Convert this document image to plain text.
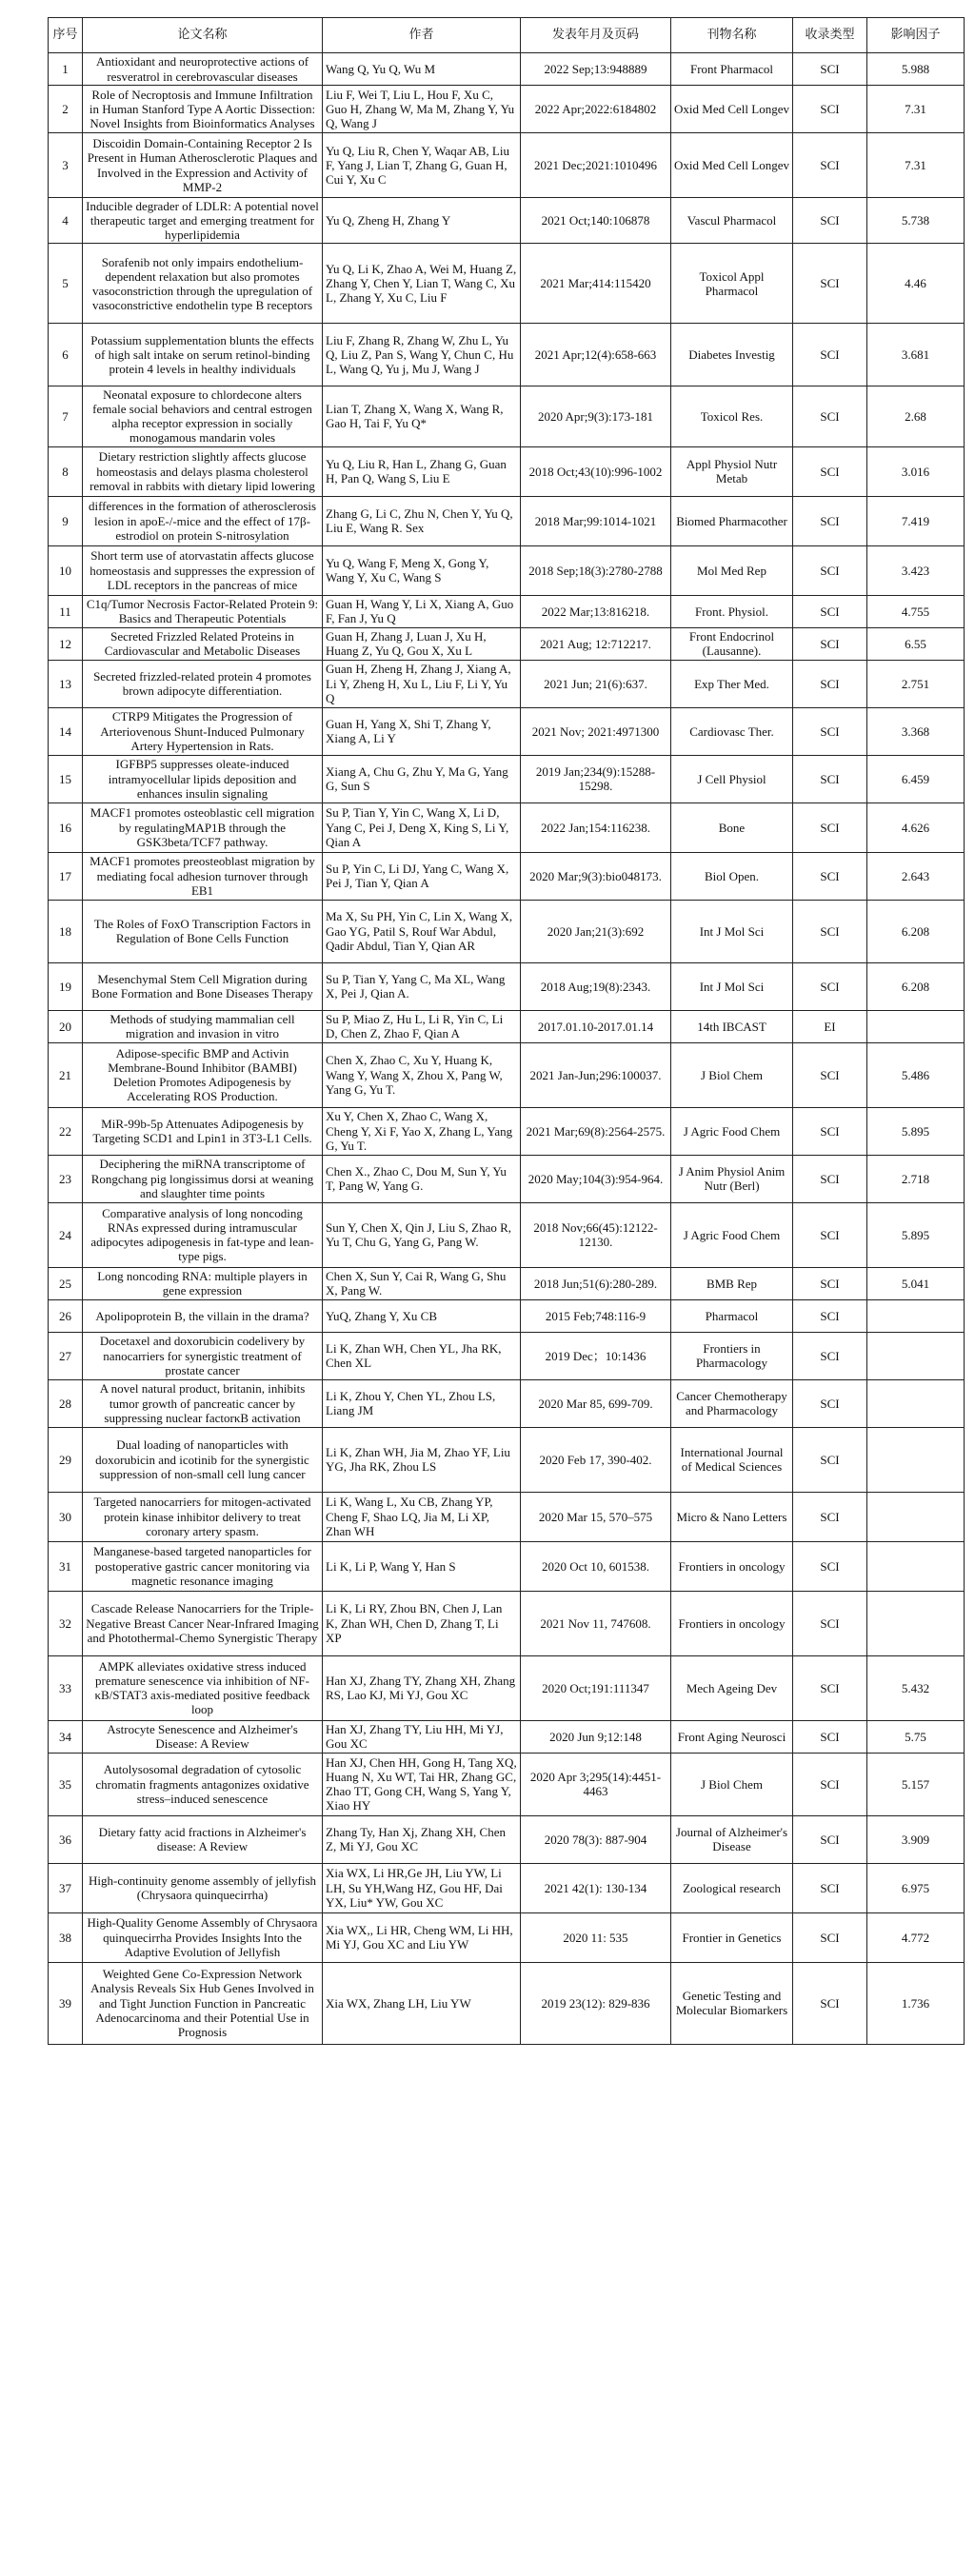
序号	论文名称	作者	发表年月及页码	刊物名称	收录类型	影响因子
1	Antioxidant and neuroprotective actions of resveratrol in cerebrovascular diseases	Wang Q, Yu Q, Wu M	2022 Sep;13:948889	Front Pharmacol	SCI	5.988
2	Role of Necroptosis and Immune Infiltration in Human Stanford Type A Aortic Dissection: Novel Insights from Bioinformatics Analyses	Liu F, Wei T, Liu L, Hou F, Xu C, Guo H, Zhang W, Ma M, Zhang Y, Yu Q, Wang J	2022 Apr;2022:6184802	Oxid Med Cell Longev	SCI	7.31
3	Discoidin Domain-Containing Receptor 2 Is Present in Human Atherosclerotic Plaques and Involved in the Expression and Activity of MMP-2	Yu Q, Liu R, Chen Y, Waqar AB, Liu F, Yang J, Lian T, Zhang G, Guan H, Cui Y, Xu C	2021 Dec;2021:1010496	Oxid Med Cell Longev	SCI	7.31
4	Inducible degrader of LDLR: A potential novel therapeutic target and emerging treatment for hyperlipidemia	Yu Q, Zheng H, Zhang Y	2021 Oct;140:106878	Vascul Pharmacol	SCI	5.738
5	Sorafenib not only impairs endothelium-dependent relaxation but also promotes vasoconstriction through the upregulation of vasoconstrictive endothelin type B receptors	Yu Q, Li K, Zhao A, Wei M, Huang Z, Zhang Y, Chen Y, Lian T, Wang C, Xu L, Zhang Y, Xu C, Liu F	2021 Mar;414:115420	Toxicol Appl Pharmacol	SCI	4.46
6	Potassium supplementation blunts the effects of high salt intake on serum retinol-binding protein 4 levels in healthy individuals	Liu F, Zhang R, Zhang W, Zhu L, Yu Q, Liu Z, Pan S, Wang Y, Chun C, Hu L, Wang Q, Yu j, Mu J, Wang J	2021 Apr;12(4):658-663	Diabetes Investig	SCI	3.681
7	Neonatal exposure to chlordecone alters female social behaviors and central estrogen alpha receptor expression in socially monogamous mandarin voles	Lian T, Zhang X, Wang X, Wang R, Gao H, Tai F, Yu Q*	2020 Apr;9(3):173-181	Toxicol Res.	SCI	2.68
8	Dietary restriction slightly affects glucose homeostasis and delays plasma cholesterol removal in rabbits with dietary lipid lowering	Yu Q, Liu R, Han L, Zhang G, Guan H, Pan Q, Wang S, Liu E	2018 Oct;43(10):996-1002	Appl Physiol Nutr Metab	SCI	3.016
9	differences in the formation of atherosclerosis lesion in apoE-/-mice and the effect of 17β-estrodiol on protein S-nitrosylation	Zhang G, Li C, Zhu N, Chen Y, Yu Q, Liu E, Wang R. Sex	2018 Mar;99:1014-1021	Biomed Pharmacother	SCI	7.419
10	Short term use of atorvastatin affects glucose homeostasis and suppresses the expression of LDL receptors in the pancreas of mice	Yu Q, Wang F, Meng X, Gong Y, Wang Y, Xu C, Wang S	2018 Sep;18(3):2780-2788	Mol Med Rep	SCI	3.423
11	C1q/Tumor Necrosis Factor-Related Protein 9: Basics and Therapeutic Potentials	Guan H, Wang Y, Li X, Xiang A, Guo F, Fan J, Yu Q	2022 Mar;13:816218.	Front. Physiol.	SCI	4.755
12	Secreted Frizzled Related Proteins in Cardiovascular and Metabolic Diseases	Guan H, Zhang J, Luan J, Xu H, Huang Z, Yu Q, Gou X, Xu L	2021 Aug; 12:712217.	Front Endocrinol (Lausanne).	SCI	6.55
13	Secreted frizzled-related protein 4 promotes brown adipocyte differentiation.	Guan H, Zheng H, Zhang J, Xiang A, Li Y, Zheng H, Xu L, Liu F, Li Y, Yu Q	2021 Jun; 21(6):637.	Exp Ther Med.	SCI	2.751
14	CTRP9 Mitigates the Progression of Arteriovenous Shunt-Induced Pulmonary Artery Hypertension in Rats.	Guan H, Yang X, Shi T, Zhang Y, Xiang A, Li Y	2021 Nov; 2021:4971300	Cardiovasc Ther.	SCI	3.368
15	IGFBP5 suppresses oleate-induced intramyocellular lipids deposition and enhances insulin signaling	Xiang A, Chu G, Zhu Y, Ma G, Yang G, Sun S	2019 Jan;234(9):15288-15298.	J Cell Physiol	SCI	6.459
16	MACF1 promotes osteoblastic cell migration by regulatingMAP1B through the GSK3beta/TCF7 pathway.	Su P, Tian Y, Yin C, Wang X, Li D, Yang C, Pei J, Deng X, King S, Li Y, Qian A	2022 Jan;154:116238.	Bone	SCI	4.626
17	MACF1 promotes preosteoblast migration by mediating focal adhesion turnover through EB1	Su P, Yin C, Li DJ, Yang C, Wang X, Pei J, Tian Y, Qian A	2020 Mar;9(3):bio048173.	Biol Open.	SCI	2.643
18	The Roles of FoxO Transcription Factors in Regulation of Bone Cells Function	Ma X, Su PH, Yin C, Lin X, Wang X, Gao YG, Patil S, Rouf War Abdul, Qadir Abdul, Tian Y, Qian AR	2020 Jan;21(3):692	Int J Mol Sci	SCI	6.208
19	Mesenchymal Stem Cell Migration during Bone Formation and Bone Diseases Therapy	Su P, Tian Y, Yang C, Ma XL, Wang X, Pei J, Qian A.	2018 Aug;19(8):2343.	Int J Mol Sci	SCI	6.208
20	Methods of studying mammalian cell migration and invasion in vitro	Su P, Miao Z, Hu L, Li R, Yin C, Li D, Chen Z, Zhao F, Qian A	2017.01.10-2017.01.14	14th IBCAST	EI	
21	Adipose-specific BMP and Activin Membrane-Bound Inhibitor (BAMBI) Deletion Promotes Adipogenesis by Accelerating ROS Production.	Chen X, Zhao C, Xu Y, Huang K, Wang Y, Wang X, Zhou X, Pang W, Yang G, Yu T.	2021 Jan-Jun;296:100037.	J Biol Chem	SCI	5.486
22	MiR-99b-5p Attenuates Adipogenesis by Targeting SCD1 and Lpin1 in 3T3-L1 Cells.	Xu Y, Chen X, Zhao C, Wang X, Cheng Y, Xi F, Yao X, Zhang L, Yang G, Yu T.	2021 Mar;69(8):2564-2575.	J Agric Food Chem	SCI	5.895
23	Deciphering the miRNA transcriptome of Rongchang pig longissimus dorsi at weaning and slaughter time points	Chen X., Zhao C, Dou M, Sun Y, Yu T, Pang W, Yang G.	2020 May;104(3):954-964.	J Anim Physiol Anim Nutr (Berl)	SCI	2.718
24	Comparative analysis of long noncoding RNAs expressed during intramuscular adipocytes adipogenesis in fat-type and lean-type pigs.	Sun Y, Chen X, Qin J, Liu S, Zhao R, Yu T, Chu G, Yang G, Pang W.	2018 Nov;66(45):12122-12130.	J Agric Food Chem	SCI	5.895
25	Long noncoding RNA: multiple players in gene expression	Chen X, Sun Y, Cai R, Wang G, Shu X, Pang W.	2018 Jun;51(6):280-289.	BMB Rep	SCI	5.041
26	Apolipoprotein B, the villain in the drama?	YuQ, Zhang Y, Xu CB	2015 Feb;748:116-9	Pharmacol	SCI	
27	Docetaxel and doxorubicin codelivery by nanocarriers for synergistic treatment of prostate cancer	Li K, Zhan WH, Chen YL, Jha RK, Chen XL	2019 Dec；10:1436	Frontiers in Pharmacology	SCI	
28	A novel natural product, britanin, inhibits tumor growth of pancreatic cancer by suppressing nuclear factorκB activation	Li K, Zhou Y, Chen YL, Zhou LS, Liang JM	2020 Mar 85, 699-709.	Cancer Chemotherapy and Pharmacology	SCI	
29	Dual loading of nanoparticles with doxorubicin and icotinib for the synergistic suppression of non-small cell lung cancer	Li K, Zhan WH, Jia M, Zhao YF, Liu YG, Jha RK, Zhou LS	2020 Feb 17, 390-402.	International Journal of Medical Sciences	SCI	
30	Targeted nanocarriers for mitogen-activated protein kinase inhibitor delivery to treat coronary artery spasm.	Li K, Wang L, Xu CB, Zhang YP, Cheng F, Shao LQ, Jia M, Li XP, Zhan WH	2020 Mar 15, 570–575	Micro & Nano Letters	SCI	
31	Manganese-based targeted nanoparticles for postoperative gastric cancer monitoring via magnetic resonance imaging	Li K, Li P, Wang Y, Han S	2020 Oct 10, 601538.	Frontiers in oncology	SCI	
32	Cascade Release Nanocarriers for the Triple-Negative Breast Cancer Near-Infrared Imaging and Photothermal-Chemo Synergistic Therapy	Li K, Li RY, Zhou BN, Chen J, Lan K, Zhan WH, Chen D, Zhang T, Li XP	2021 Nov 11, 747608.	Frontiers in oncology	SCI	
33	AMPK alleviates oxidative stress induced premature senescence via inhibition of NF-κB/STAT3 axis-mediated positive feedback loop	Han XJ, Zhang TY, Zhang XH, Zhang RS, Lao KJ, Mi YJ, Gou XC	2020 Oct;191:111347	Mech Ageing Dev	SCI	5.432
34	Astrocyte Senescence and Alzheimer's Disease: A Review	Han XJ, Zhang TY, Liu HH, Mi YJ, Gou XC	2020 Jun 9;12:148	Front Aging Neurosci	SCI	5.75
35	Autolysosomal degradation of cytosolic chromatin fragments antagonizes oxidative stress–induced senescence	Han XJ, Chen HH, Gong H, Tang XQ, Huang N, Xu WT, Tai HR, Zhang GC, Zhao TT, Gong CH, Wang S, Yang Y, Xiao HY	2020 Apr 3;295(14):4451-4463	J Biol Chem	SCI	5.157
36	Dietary fatty acid fractions in Alzheimer's disease: A Review	Zhang Ty, Han Xj, Zhang XH, Chen Z, Mi YJ, Gou XC	2020 78(3): 887-904	Journal of Alzheimer's Disease	SCI	3.909
37	High-continuity genome assembly of jellyfish (Chrysaora quinquecirrha)	Xia WX, Li HR,Ge JH, Liu YW, Li LH, Su YH,Wang HZ, Gou HF, Dai YX, Liu* YW, Gou XC	2021 42(1): 130-134	Zoological research	SCI	6.975
38	High-Quality Genome Assembly of Chrysaora quinquecirrha Provides Insights Into the Adaptive Evolution of Jellyfish	Xia WX,, Li HR, Cheng WM, Li HH, Mi YJ, Gou XC and Liu YW	2020 11: 535	Frontier in Genetics	SCI	4.772
39	Weighted Gene Co-Expression Network Analysis Reveals Six Hub Genes Involved in and Tight Junction Function in Pancreatic Adenocarcinoma and their Potential Use in Prognosis	Xia WX, Zhang LH, Liu YW	2019 23(12): 829-836	Genetic Testing and Molecular Biomarkers	SCI	1.736
